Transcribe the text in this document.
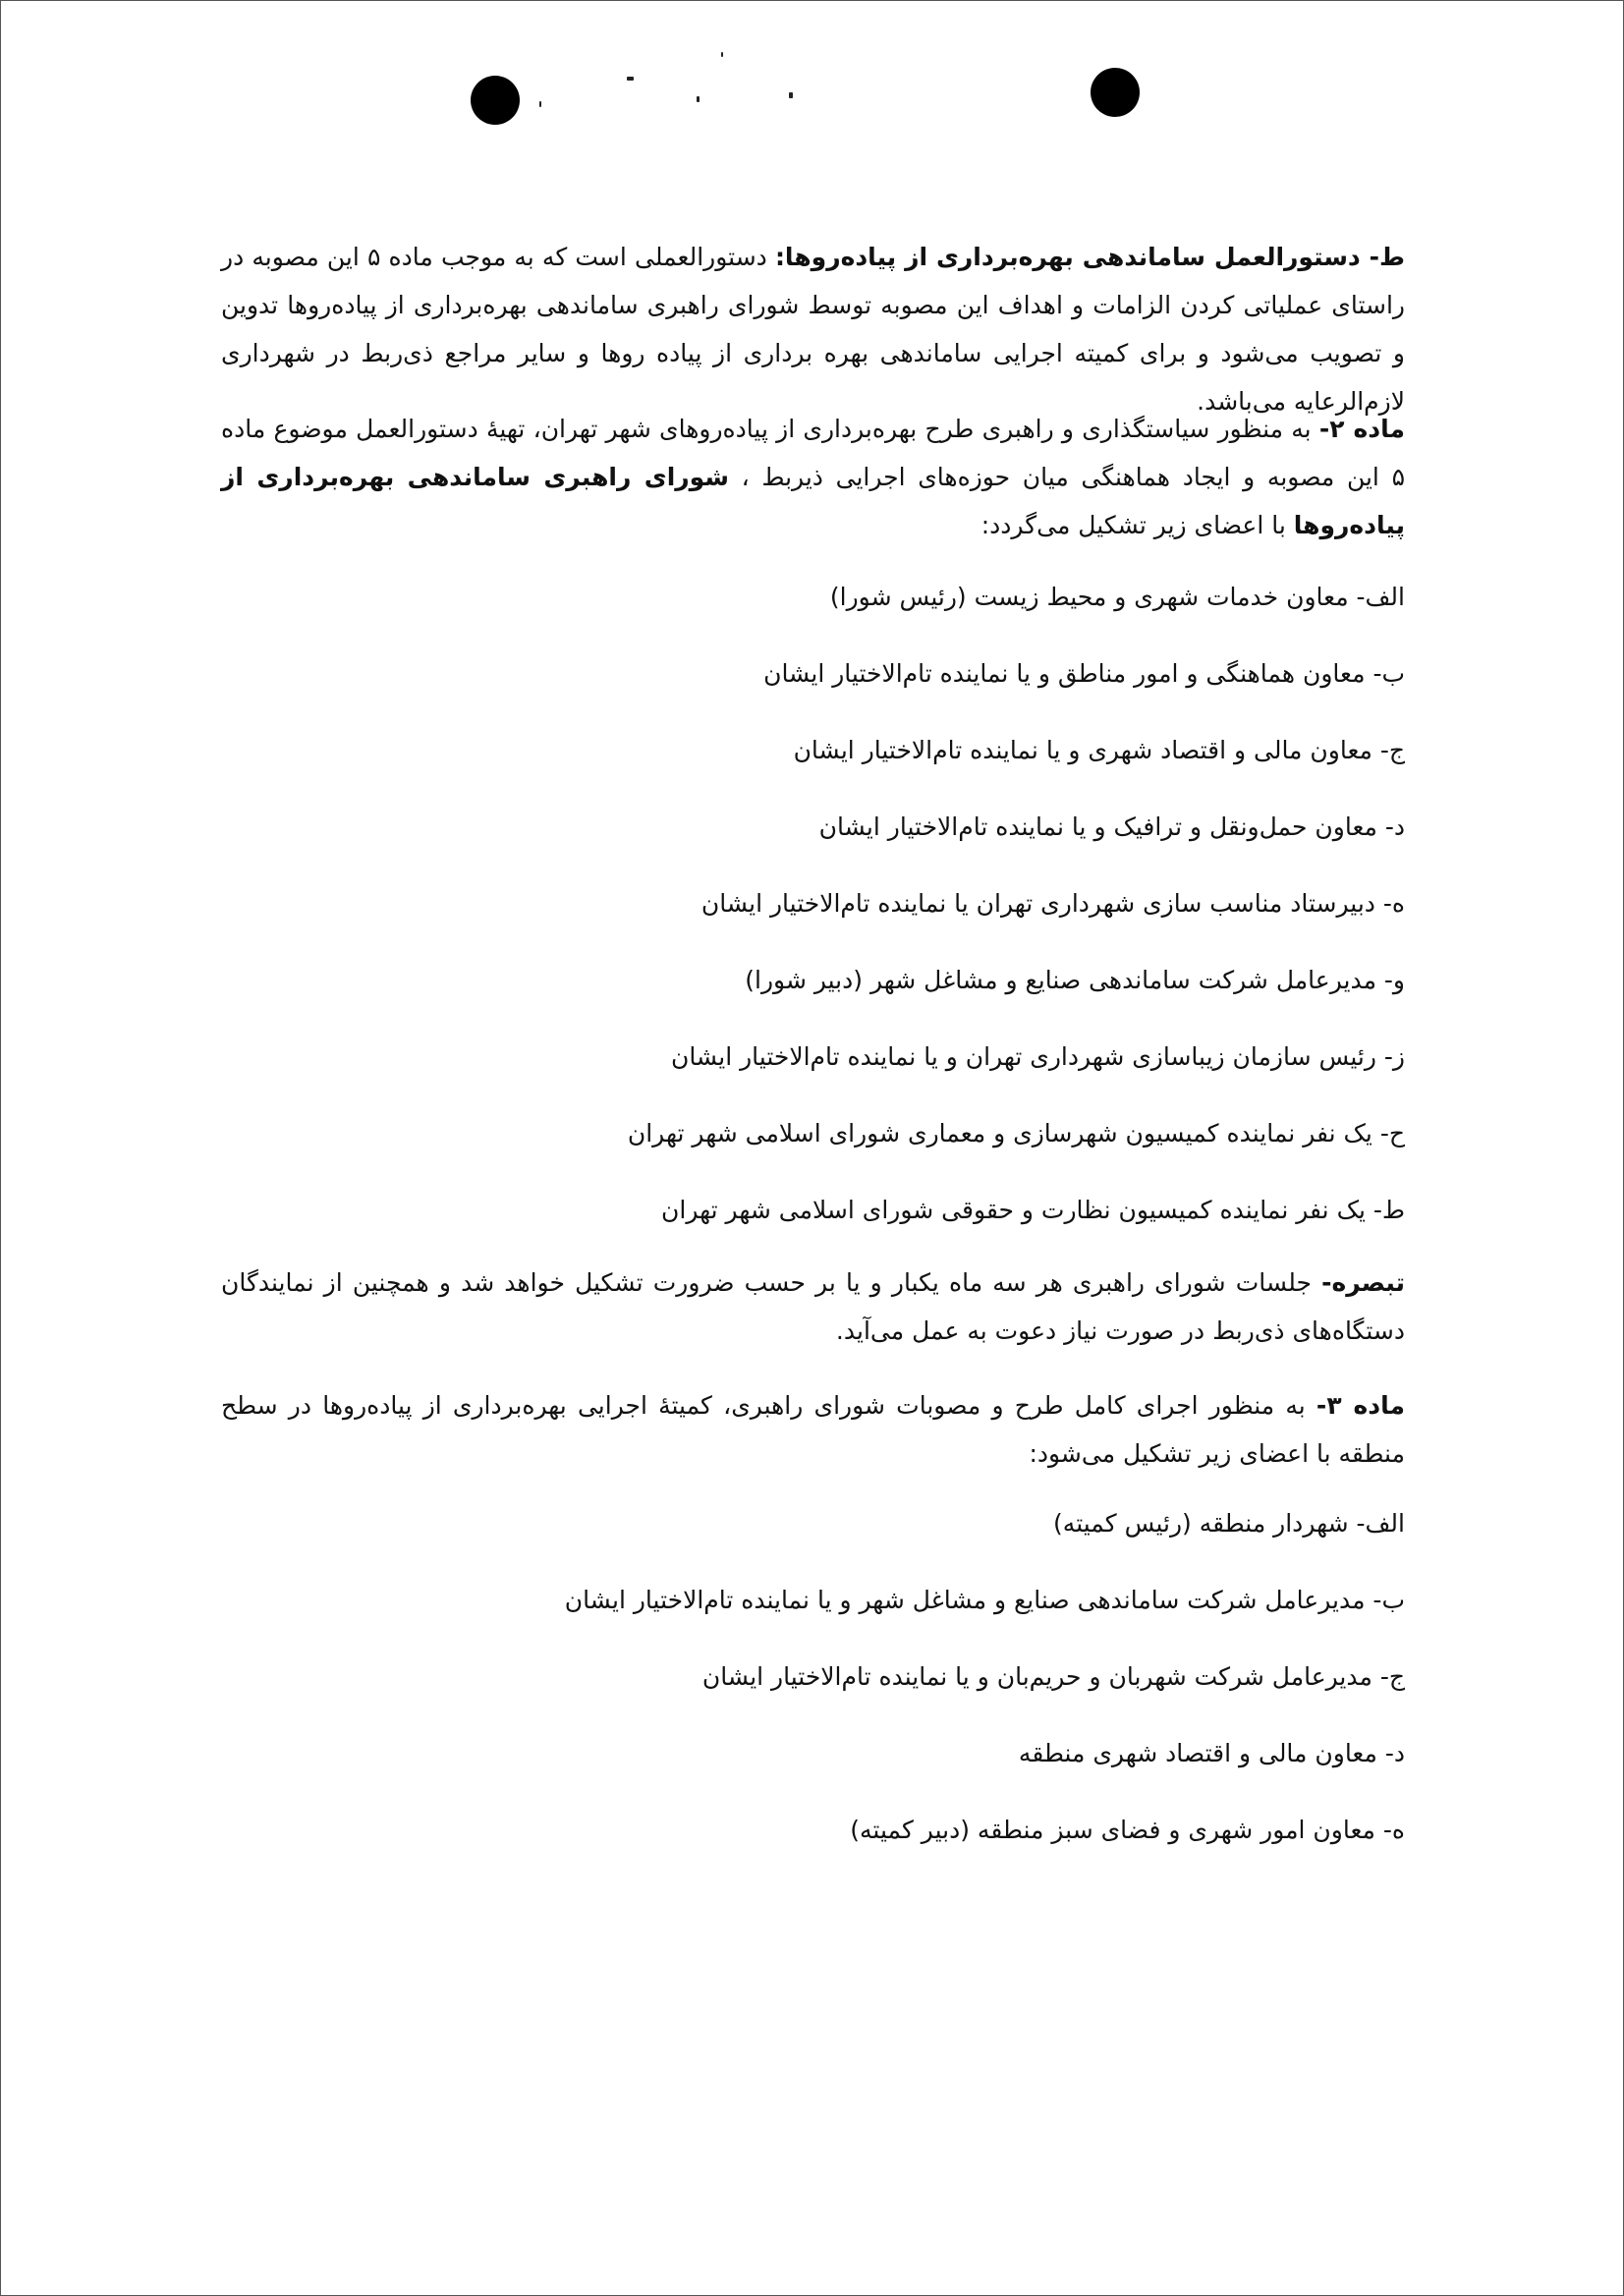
ط- دستورالعمل ساماندهی بهره‌برداری از پیاده‌روها: دستورالعملی است که به موجب ماده ۵ این مصوبه در راستای عملیاتی کردن الزامات و اهداف این مصوبه توسط شورای راهبری ساماندهی بهره‌برداری از پیاده‌روها تدوین و تصویب می‌شود و برای کمیته اجرایی ساماندهی بهره برداری از پیاده روها و سایر مراجع ذی‌ربط در شهرداری لازم‌الرعایه می‌باشد.
ماده ۲- به منظور سیاستگذاری و راهبری طرح بهره‌برداری از پیاده‌روهای شهر تهران، تهیهٔ دستورالعمل موضوع ماده ۵ این مصوبه و ایجاد هماهنگی میان حوزه‌های اجرایی ذیربط ، شورای راهبری ساماندهی بهره‌برداری از پیاده‌روها با اعضای زیر تشکیل می‌گردد:
الف- معاون خدمات شهری و محیط زیست (رئیس شورا)
ب- معاون هماهنگی و امور مناطق و یا نماینده تام‌الاختیار ایشان
ج- معاون مالی و اقتصاد شهری و یا نماینده تام‌الاختیار ایشان
د- معاون حمل‌ونقل و ترافیک و یا نماینده تام‌الاختیار ایشان
ه- دبیرستاد مناسب سازی شهرداری تهران یا نماینده تام‌الاختیار ایشان
و- مدیرعامل شرکت ساماندهی صنایع و مشاغل شهر (دبیر شورا)
ز- رئیس سازمان زیباسازی شهرداری تهران و یا نماینده تام‌الاختیار ایشان
ح- یک نفر نماینده کمیسیون شهرسازی و معماری شورای اسلامی شهر تهران
ط- یک نفر نماینده کمیسیون نظارت و حقوقی شورای اسلامی شهر تهران
تبصره- جلسات شورای راهبری هر سه ماه یکبار و یا بر حسب ضرورت تشکیل خواهد شد و همچنین از نمایندگان دستگاه‌های ذی‌ربط در صورت نیاز دعوت به عمل می‌آید.
ماده ۳- به منظور اجرای کامل طرح و مصوبات شورای راهبری، کمیتهٔ اجرایی بهره‌برداری از پیاده‌روها در سطح منطقه با اعضای زیر تشکیل می‌شود:
الف- شهردار منطقه (رئیس کمیته)
ب- مدیرعامل شرکت ساماندهی صنایع و مشاغل شهر و یا نماینده تام‌الاختیار ایشان
ج- مدیرعامل شرکت شهربان و حریم‌بان و یا نماینده تام‌الاختیار ایشان
د- معاون مالی و اقتصاد شهری منطقه
ه- معاون امور شهری و فضای سبز منطقه (دبیر کمیته)
